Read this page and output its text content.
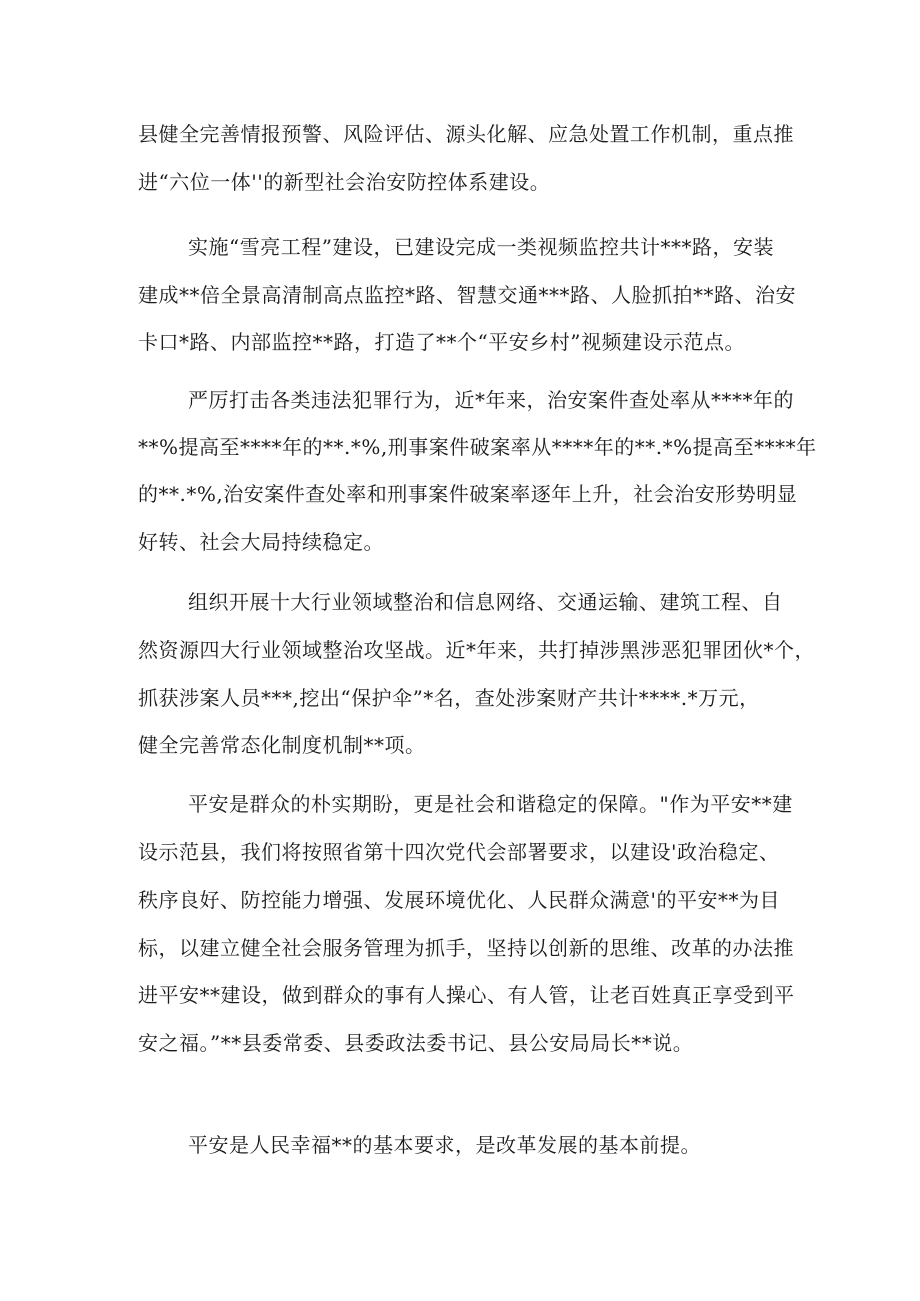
县健全完善情报预警、风险评估、源头化解、应急处置工作机制，重点推
进“六位一体''的新型社会治安防控体系建设。
实施“雪亮工程”建设，已建设完成一类视频监控共计***路，安装
建成**倍全景高清制高点监控*路、智慧交通***路、人脸抓拍**路、治安
卡口*路、内部监控**路，打造了**个“平安乡村”视频建设示范点。
严厉打击各类违法犯罪行为，近*年来，治安案件查处率从****年的
**%提高至****年的**.*%,刑事案件破案率从****年的**.*%提高至****年
的**.*%,治安案件查处率和刑事案件破案率逐年上升，社会治安形势明显
好转、社会大局持续稳定。
组织开展十大行业领域整治和信息网络、交通运输、建筑工程、自
然资源四大行业领域整治攻坚战。近*年来，共打掉涉黑涉恶犯罪团伙*个，
抓获涉案人员***,挖出“保护伞”*名，查处涉案财产共计****.*万元，
健全完善常态化制度机制**项。
平安是群众的朴实期盼，更是社会和谐稳定的保障。"作为平安**建
设示范县，我们将按照省第十四次党代会部署要求，以建设'政治稳定、
秩序良好、防控能力增强、发展环境优化、人民群众满意'的平安**为目
标，以建立健全社会服务管理为抓手，坚持以创新的思维、改革的办法推
进平安**建设，做到群众的事有人操心、有人管，让老百姓真正享受到平
安之福。”**县委常委、县委政法委书记、县公安局局长**说。
平安是人民幸福**的基本要求，是改革发展的基本前提。
